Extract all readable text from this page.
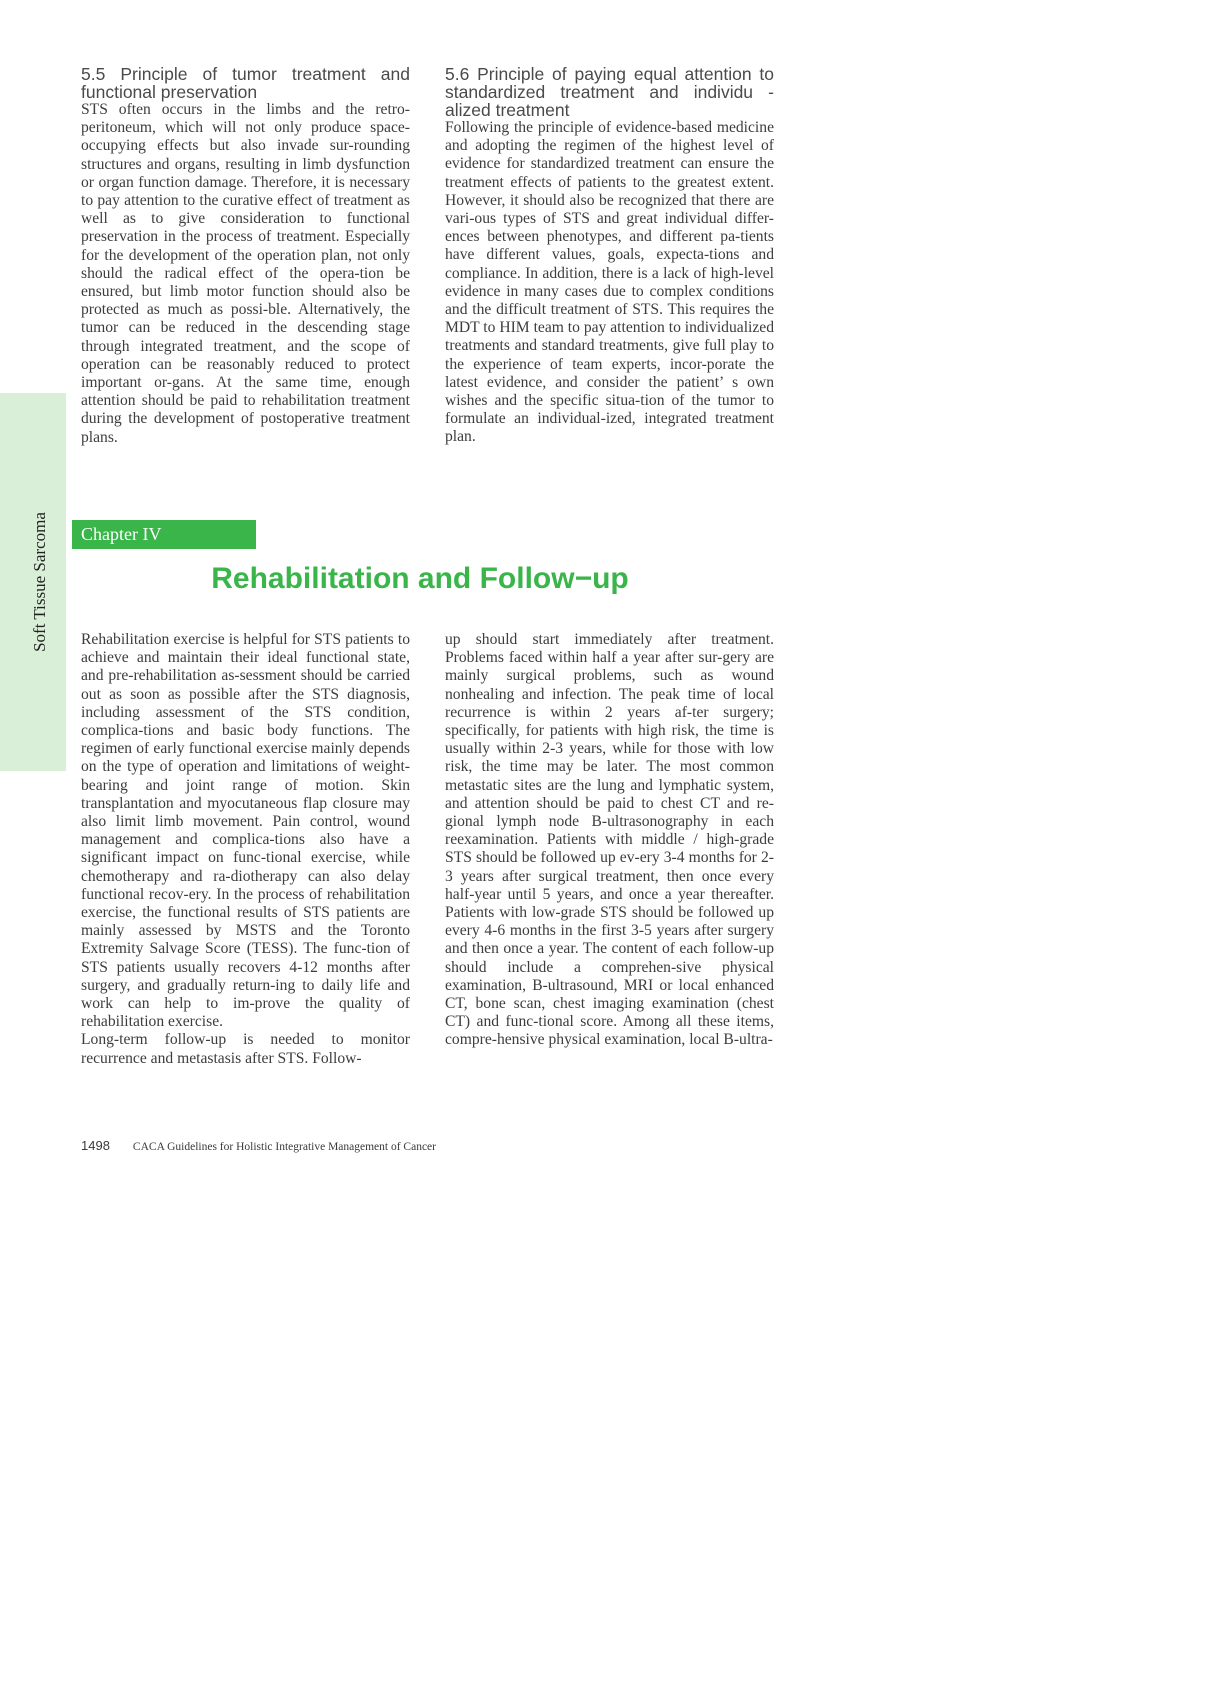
Soft Tissue Sarcoma
5.5 Principle of tumor treatment and functional preservation

STS often occurs in the limbs and the retro-peritoneum, which will not only produce space-occupying effects but also invade sur-rounding structures and organs, resulting in limb dysfunction or organ function damage. Therefore, it is necessary to pay attention to the curative effect of treatment as well as to give consideration to functional preservation in the process of treatment. Especially for the development of the operation plan, not only should the radical effect of the opera-tion be ensured, but limb motor function should also be protected as much as possi-ble. Alternatively, the tumor can be reduced in the descending stage through integrated treatment, and the scope of operation can be reasonably reduced to protect important or-gans. At the same time, enough attention should be paid to rehabilitation treatment during the development of postoperative treatment plans.

5.6 Principle of paying equal attention to standardized treatment and individu - alized treatment

Following the principle of evidence-based medicine and adopting the regimen of the highest level of evidence for standardized treatment can ensure the treatment effects of patients to the greatest extent. However, it should also be recognized that there are vari-ous types of STS and great individual differ-ences between phenotypes, and different pa-tients have different values, goals, expecta-tions and compliance. In addition, there is a lack of high-level evidence in many cases due to complex conditions and the difficult treatment of STS. This requires the MDT to HIM team to pay attention to individualized treatments and standard treatments, give full play to the experience of team experts, incor-porate the latest evidence, and consider the patient’ s own wishes and the specific situa-tion of the tumor to formulate an individual-ized, integrated treatment plan.

Chapter IV
Rehabilitation and Follow−up

Rehabilitation exercise is helpful for STS patients to achieve and maintain their ideal functional state, and pre-rehabilitation as-sessment should be carried out as soon as possible after the STS diagnosis, including assessment of the STS condition, complica-tions and basic body functions. The regimen of early functional exercise mainly depends on the type of operation and limitations of weight-bearing and joint range of motion. Skin transplantation and myocutaneous flap closure may also limit limb movement. Pain control, wound management and complica-tions also have a significant impact on func-tional exercise, while chemotherapy and ra-diotherapy can also delay functional recov-ery. In the process of rehabilitation exercise, the functional results of STS patients are mainly assessed by MSTS and the Toronto Extremity Salvage Score (TESS). The func-tion of STS patients usually recovers 4-12 months after surgery, and gradually return-ing to daily life and work can help to im-prove the quality of rehabilitation exercise.

Long-term follow-up is needed to monitor recurrence and metastasis after STS. Follow-

up should start immediately after treatment. Problems faced within half a year after sur-gery are mainly surgical problems, such as wound nonhealing and infection. The peak time of local recurrence is within 2 years af-ter surgery; specifically, for patients with high risk, the time is usually within 2-3 years, while for those with low risk, the time may be later. The most common metastatic sites are the lung and lymphatic system, and attention should be paid to chest CT and re-gional lymph node B-ultrasonography in each reexamination. Patients with middle / high-grade STS should be followed up ev-ery 3-4 months for 2-3 years after surgical treatment, then once every half-year until 5 years, and once a year thereafter. Patients with low-grade STS should be followed up every 4-6 months in the first 3-5 years after surgery and then once a year. The content of each follow-up should include a comprehen-sive physical examination, B-ultrasound, MRI or local enhanced CT, bone scan, chest imaging examination (chest CT) and func-tional score. Among all these items, compre-hensive physical examination, local B-ultra-

1498 CACA Guidelines for Holistic Integrative Management of Cancer
